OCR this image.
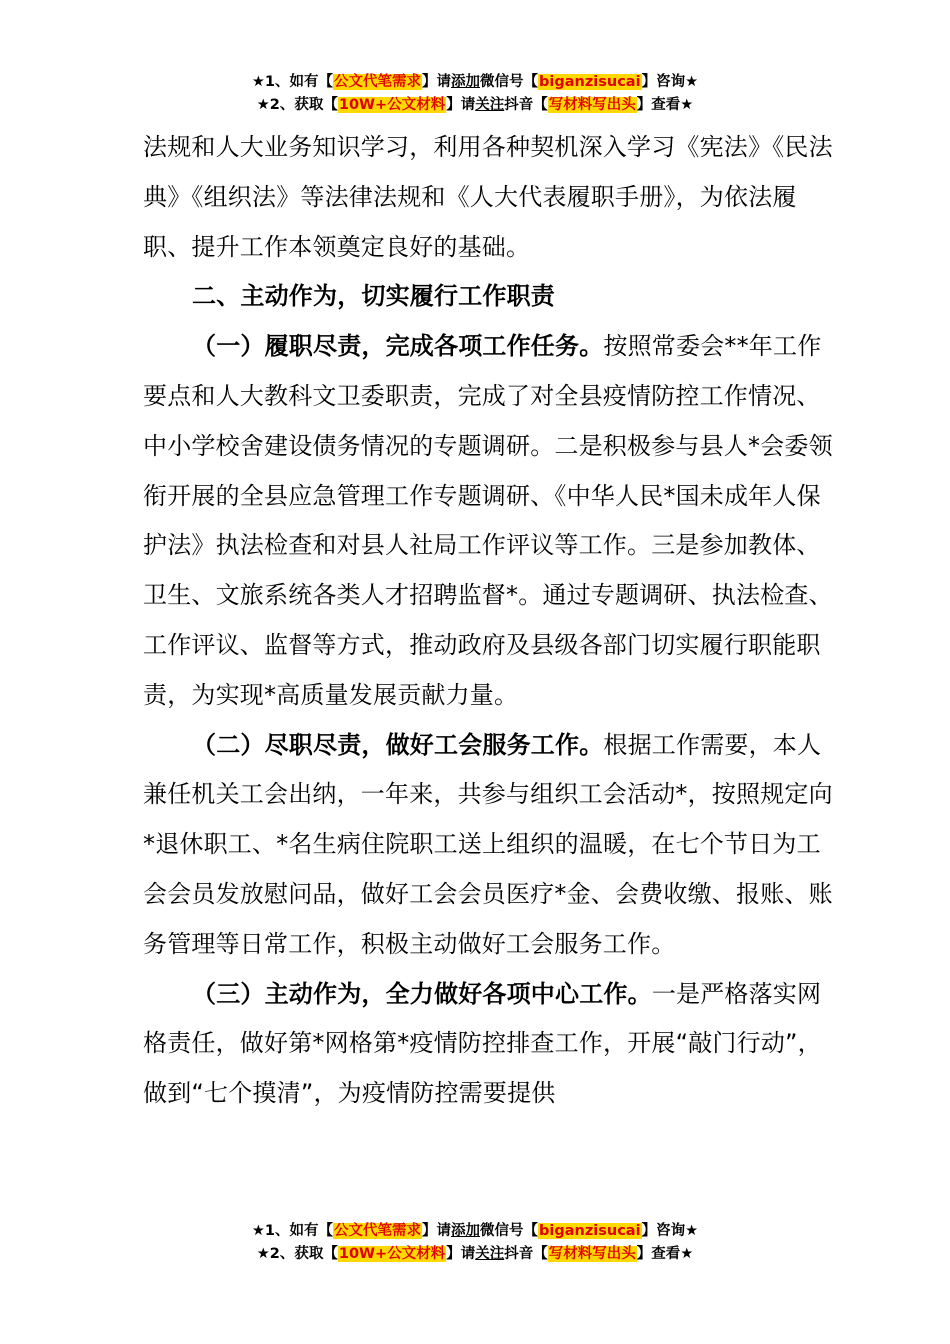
★1、如有【公文代笔需求】请添加微信号【biganzisucai】咨询★
★2、获取【10W+公文材料】请关注抖音【写材料写出头】查看★

法规和人大业务知识学习，利用各种契机深入学习《宪法》《民法典》《组织法》等法律法规和《人大代表履职手册》，为依法履职、提升工作本领奠定良好的基础。

二、主动作为，切实履行工作职责

（一）履职尽责，完成各项工作任务。按照常委会**年工作要点和人大教科文卫委职责，完成了对全县疫情防控工作情况、中小学校舍建设债务情况的专题调研。二是积极参与县人*会委领衔开展的全县应急管理工作专题调研、《中华人民*国未成年人保护法》执法检查和对县人社局工作评议等工作。三是参加教体、卫生、文旅系统各类人才招聘监督*。通过专题调研、执法检查、工作评议、监督等方式，推动政府及县级各部门切实履行职能职责，为实现*高质量发展贡献力量。

（二）尽职尽责，做好工会服务工作。根据工作需要，本人兼任机关工会出纳，一年来，共参与组织工会活动*，按照规定向*退休职工、*名生病住院职工送上组织的温暖，在七个节日为工会会员发放慰问品，做好工会会员医疗*金、会费收缴、报账、账务管理等日常工作，积极主动做好工会服务工作。

（三）主动作为，全力做好各项中心工作。一是严格落实网格责任，做好第*网格第*疫情防控排查工作，开展“敲门行动”，做到“七个摸清”，为疫情防控需要提供

★1、如有【公文代笔需求】请添加微信号【biganzisucai】咨询★
★2、获取【10W+公文材料】请关注抖音【写材料写出头】查看★
